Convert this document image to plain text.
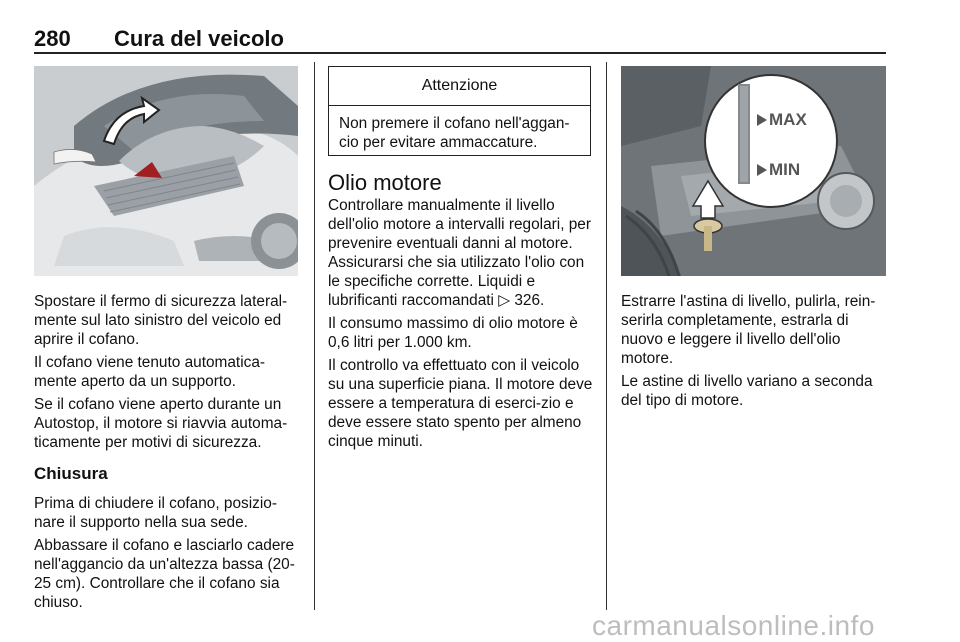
280 Cura del veicolo

Spostare il fermo di sicurezza lateral-mente sul lato sinistro del veicolo ed aprire il cofano.

Il cofano viene tenuto automatica-mente aperto da un supporto.

Se il cofano viene aperto durante un Autostop, il motore si riavvia automa-ticamente per motivi di sicurezza.

Chiusura

Prima di chiudere il cofano, posizio-nare il supporto nella sua sede.

Abbassare il cofano e lasciarlo cadere nell'aggancio da un'altezza bassa (20-25 cm). Controllare che il cofano sia chiuso.

Attenzione
Non premere il cofano nell'aggan-cio per evitare ammaccature.
Olio motore

Controllare manualmente il livello dell'olio motore a intervalli regolari, per prevenire eventuali danni al motore. Assicurarsi che sia utilizzato l'olio con le specifiche corrette. Liquidi e lubrificanti raccomandati ▷ 326.

Il consumo massimo di olio motore è 0,6 litri per 1.000 km.

Il controllo va effettuato con il veicolo su una superficie piana. Il motore deve essere a temperatura di eserci-zio e deve essere stato spento per almeno cinque minuti.

MAX
MIN

Estrarre l'astina di livello, pulirla, rein-serirla completamente, estrarla di nuovo e leggere il livello dell'olio motore.

Le astine di livello variano a seconda del tipo di motore.

carmanualsonline.info
